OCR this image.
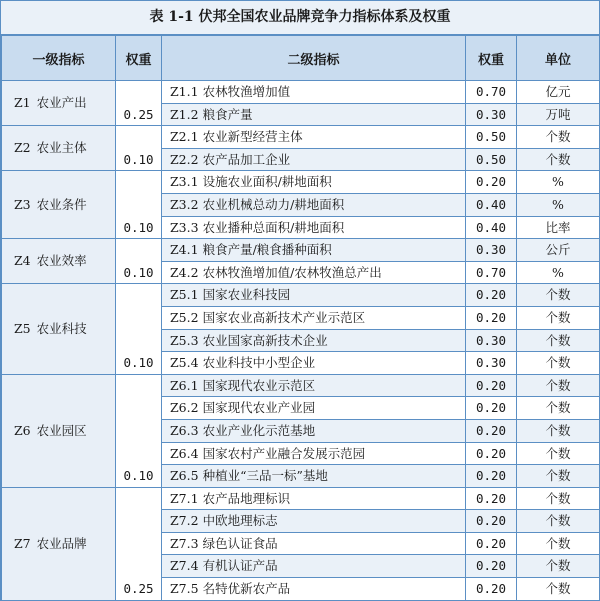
表 1-1 伏邦全国农业品牌竞争力指标体系及权重
一级指标	权重	二级指标	权重	单位
Z1 农业产出	0.25	Z1.1 农林牧渔增加值	0.70	亿元
		Z1.2 粮食产量	0.30	万吨
Z2 农业主体	0.10	Z2.1 农业新型经营主体	0.50	个数
		Z2.2 农产品加工企业	0.50	个数
Z3 农业条件	0.10	Z3.1 设施农业面积/耕地面积	0.20	%
		Z3.2 农业机械总动力/耕地面积	0.40	%
		Z3.3 农业播种总面积/耕地面积	0.40	比率
Z4 农业效率	0.10	Z4.1 粮食产量/粮食播种面积	0.30	公斤
		Z4.2 农林牧渔增加值/农林牧渔总产出	0.70	%
Z5 农业科技	0.10	Z5.1 国家农业科技园	0.20	个数
		Z5.2 国家农业高新技术产业示范区	0.20	个数
		Z5.3 农业国家高新技术企业	0.30	个数
		Z5.4 农业科技中小型企业	0.30	个数
Z6 农业园区	0.10	Z6.1 国家现代农业示范区	0.20	个数
		Z6.2 国家现代农业产业园	0.20	个数
		Z6.3 农业产业化示范基地	0.20	个数
		Z6.4 国家农村产业融合发展示范园	0.20	个数
		Z6.5 种植业“三品一标”基地	0.20	个数
Z7 农业品牌	0.25	Z7.1 农产品地理标识	0.20	个数
		Z7.2 中欧地理标志	0.20	个数
		Z7.3 绿色认证食品	0.20	个数
		Z7.4 有机认证产品	0.20	个数
		Z7.5 名特优新农产品	0.20	个数
